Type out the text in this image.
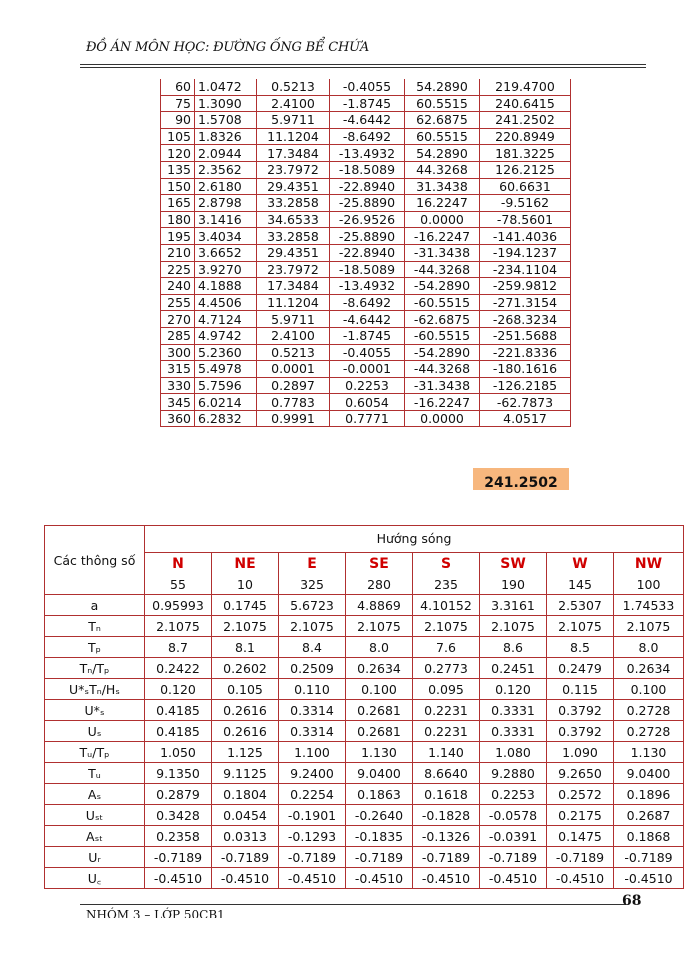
ĐỒ ÁN MÔN HỌC: ĐƯỜNG ỐNG BỂ CHỨA
60	1.0472	0.5213	-0.4055	54.2890	219.4700
75	1.3090	2.4100	-1.8745	60.5515	240.6415
90	1.5708	5.9711	-4.6442	62.6875	241.2502
105	1.8326	11.1204	-8.6492	60.5515	220.8949
120	2.0944	17.3484	-13.4932	54.2890	181.3225
135	2.3562	23.7972	-18.5089	44.3268	126.2125
150	2.6180	29.4351	-22.8940	31.3438	60.6631
165	2.8798	33.2858	-25.8890	16.2247	-9.5162
180	3.1416	34.6533	-26.9526	0.0000	-78.5601
195	3.4034	33.2858	-25.8890	-16.2247	-141.4036
210	3.6652	29.4351	-22.8940	-31.3438	-194.1237
225	3.9270	23.7972	-18.5089	-44.3268	-234.1104
240	4.1888	17.3484	-13.4932	-54.2890	-259.9812
255	4.4506	11.1204	-8.6492	-60.5515	-271.3154
270	4.7124	5.9711	-4.6442	-62.6875	-268.3234
285	4.9742	2.4100	-1.8745	-60.5515	-251.5688
300	5.2360	0.5213	-0.4055	-54.2890	-221.8336
315	5.4978	0.0001	-0.0001	-44.3268	-180.1616
330	5.7596	0.2897	0.2253	-31.3438	-126.2185
345	6.0214	0.7783	0.6054	-16.2247	-62.7873
360	6.2832	0.9991	0.7771	0.0000	4.0517
241.2502
Các thông số	Hướng sóng							
	N	NE	E	SE	S	SW	W	NW
	55	10	325	280	235	190	145	100
a	0.95993	0.1745	5.6723	4.8869	4.10152	3.3161	2.5307	1.74533
Tₙ	2.1075	2.1075	2.1075	2.1075	2.1075	2.1075	2.1075	2.1075
Tₚ	8.7	8.1	8.4	8.0	7.6	8.6	8.5	8.0
Tₙ/Tₚ	0.2422	0.2602	0.2509	0.2634	0.2773	0.2451	0.2479	0.2634
U*ₛTₙ/Hₛ	0.120	0.105	0.110	0.100	0.095	0.120	0.115	0.100
U*ₛ	0.4185	0.2616	0.3314	0.2681	0.2231	0.3331	0.3792	0.2728
Uₛ	0.4185	0.2616	0.3314	0.2681	0.2231	0.3331	0.3792	0.2728
Tᵤ/Tₚ	1.050	1.125	1.100	1.130	1.140	1.080	1.090	1.130
Tᵤ	9.1350	9.1125	9.2400	9.0400	8.6640	9.2880	9.2650	9.0400
Aₛ	0.2879	0.1804	0.2254	0.1863	0.1618	0.2253	0.2572	0.1896
Uₛₜ	0.3428	0.0454	-0.1901	-0.2640	-0.1828	-0.0578	0.2175	0.2687
Aₛₜ	0.2358	0.0313	-0.1293	-0.1835	-0.1326	-0.0391	0.1475	0.1868
Uᵣ	-0.7189	-0.7189	-0.7189	-0.7189	-0.7189	-0.7189	-0.7189	-0.7189
U꜀	-0.4510	-0.4510	-0.4510	-0.4510	-0.4510	-0.4510	-0.4510	-0.4510
NHÓM 3 – LỚP 50CB1
68
